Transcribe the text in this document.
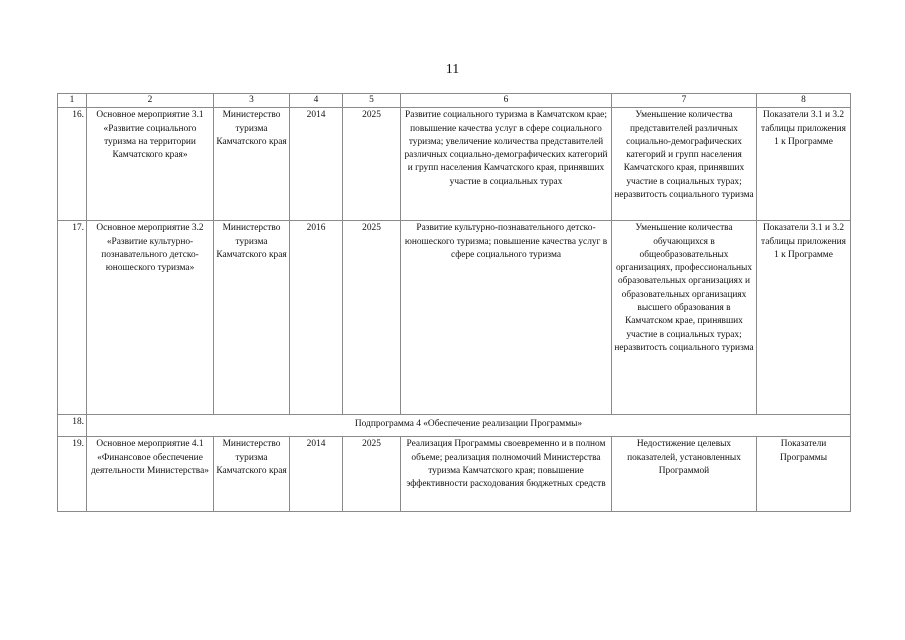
11
1	2	3	4	5	6	7	8
16.	Основное мероприятие 3.1 «Развитие социального туризма на территории Камчатского края»	Министерство туризма Камчатского края	2014	2025	Развитие социального туризма в Камчатском крае; повышение качества услуг в сфере социального туризма; увеличение количества представителей различных социально-демографических категорий и групп населения Камчатского края, принявших участие в социальных турах	Уменьшение количества представителей различных социально-демографических категорий и групп населения Камчатского края, принявших участие в социальных турах; неразвитость социального туризма	Показатели 3.1 и 3.2 таблицы приложения 1 к Программе
17.	Основное мероприятие 3.2 «Развитие культурно-познавательного детско-юношеского туризма»	Министерство туризма Камчатского края	2016	2025	Развитие культурно-познавательного детско-юношеского туризма; повышение качества услуг в сфере социального туризма	Уменьшение количества обучающихся в общеобразовательных организациях, профессиональных образовательных организациях и образовательных организациях высшего образования в Камчатском крае, принявших участие в социальных турах; неразвитость социального туризма	Показатели 3.1 и 3.2 таблицы приложения 1 к Программе
18.	Подпрограмма 4 «Обеспечение реализации Программы»						
19.	Основное мероприятие 4.1 «Финансовое обеспечение деятельности Министерства»	Министерство туризма Камчатского края	2014	2025	Реализация Программы своевременно и в полном объеме; реализация полномочий Министерства туризма Камчатского края; повышение эффективности расходования бюджетных средств	Недостижение целевых показателей, установленных Программой	Показатели Программы
